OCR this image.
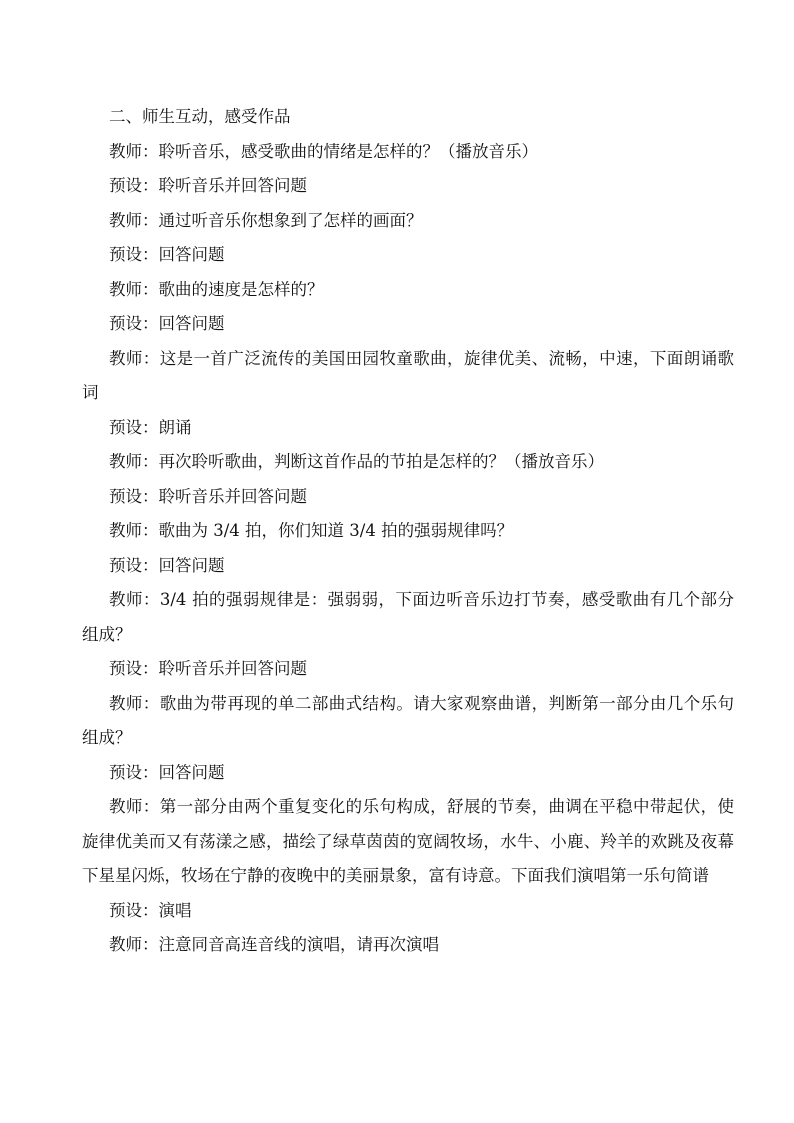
二、师生互动，感受作品

教师：聆听音乐，感受歌曲的情绪是怎样的？（播放音乐）

预设：聆听音乐并回答问题

教师：通过听音乐你想象到了怎样的画面？

预设：回答问题

教师：歌曲的速度是怎样的？

预设：回答问题

教师：这是一首广泛流传的美国田园牧童歌曲，旋律优美、流畅，中速，下面朗诵歌词

预设：朗诵

教师：再次聆听歌曲，判断这首作品的节拍是怎样的？（播放音乐）

预设：聆听音乐并回答问题

教师：歌曲为 3/4 拍，你们知道 3/4 拍的强弱规律吗？

预设：回答问题

教师：3/4 拍的强弱规律是：强弱弱，下面边听音乐边打节奏，感受歌曲有几个部分组成？

预设：聆听音乐并回答问题

教师：歌曲为带再现的单二部曲式结构。请大家观察曲谱，判断第一部分由几个乐句组成？

预设：回答问题

教师：第一部分由两个重复变化的乐句构成，舒展的节奏，曲调在平稳中带起伏，使旋律优美而又有荡漾之感，描绘了绿草茵茵的宽阔牧场，水牛、小鹿、羚羊的欢跳及夜幕下星星闪烁，牧场在宁静的夜晚中的美丽景象，富有诗意。下面我们演唱第一乐句简谱

预设：演唱

教师：注意同音高连音线的演唱，请再次演唱
